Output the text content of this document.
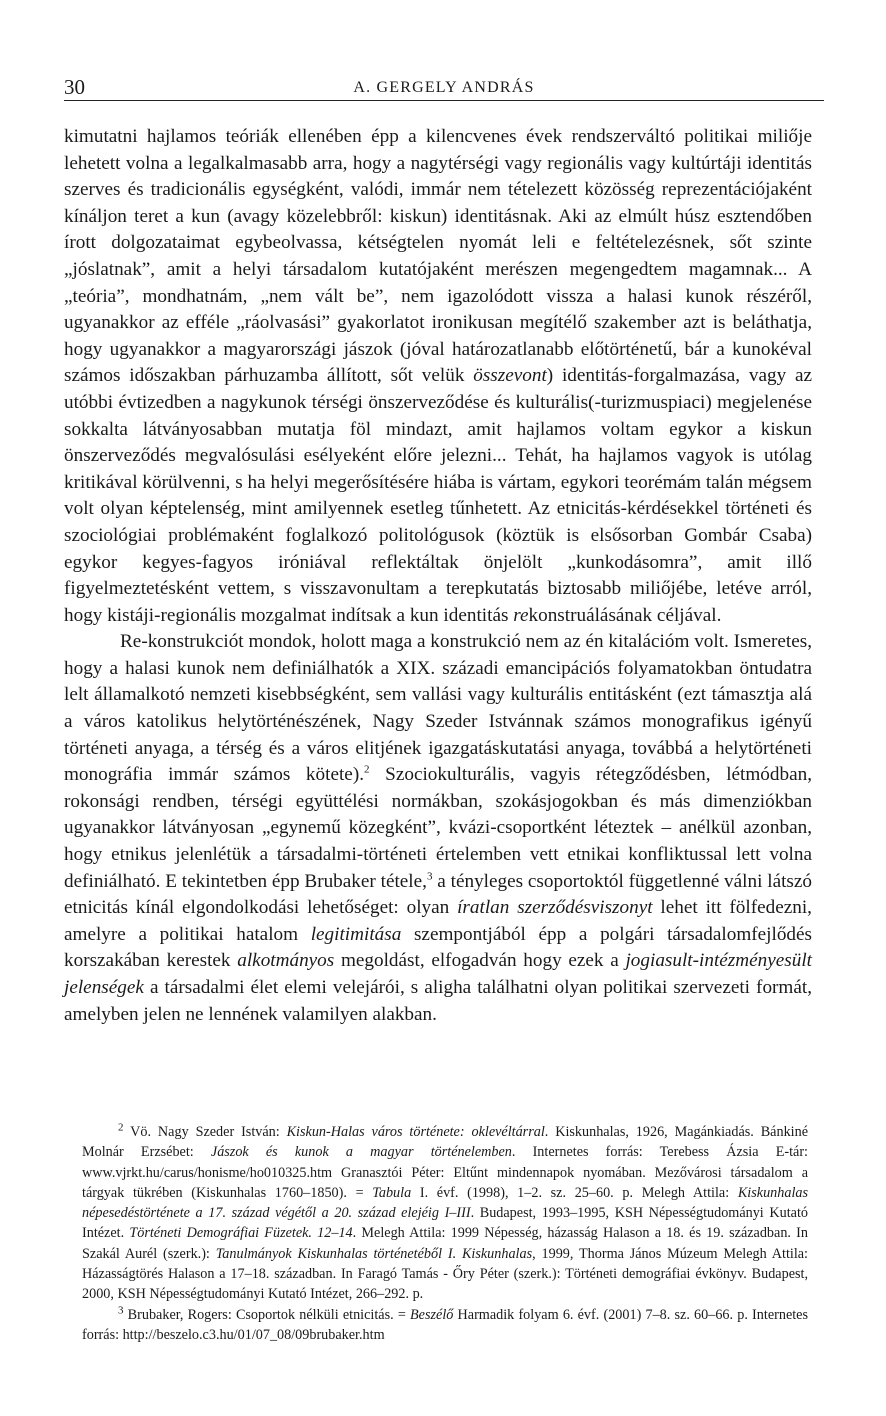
30	A. GERGELY ANDRÁS

kimutatni hajlamos teóriák ellenében épp a kilencvenes évek rendszerváltó politikai miliője lehetett volna a legalkalmasabb arra, hogy a nagytérségi vagy regionális vagy kultúrtáji identitás szerves és tradicionális egységként, valódi, immár nem tételezett közösség reprezentációjaként kínáljon teret a kun (avagy közelebbről: kiskun) identitásnak. Aki az elmúlt húsz esztendőben írott dolgozataimat egybeolvassa, kétségtelen nyomát leli e feltételezésnek, sőt szinte „jóslatnak”, amit a helyi társadalom kutatójaként merészen megengedtem magamnak... A „teória”, mondhatnám, „nem vált be”, nem igazolódott vissza a halasi kunok részéről, ugyanakkor az efféle „ráolvasási” gyakorlatot ironikusan megítélő szakember azt is beláthatja, hogy ugyanakkor a magyarországi jászok (jóval határozatlanabb előtörténetű, bár a kunokéval számos időszakban párhuzamba állított, sőt velük összevont) identitás-forgalmazása, vagy az utóbbi évtizedben a nagykunok térségi önszerveződése és kulturális(-turizmuspiaci) megjelenése sokkalta látványosabban mutatja föl mindazt, amit hajlamos voltam egykor a kiskun önszerveződés megvalósulási esélyeként előre jelezni... Tehát, ha hajlamos vagyok is utólag kritikával körülvenni, s ha helyi megerősítésére hiába is vártam, egykori teorémám talán mégsem volt olyan képtelenség, mint amilyennek esetleg tűnhetett. Az etnicitás-kérdésekkel történeti és szociológiai problémaként foglalkozó politológusok (köztük is elsősorban Gombár Csaba) egykor kegyes-fagyos iróniával reflektáltak önjelölt „kunkodásomra”, amit illő figyelmeztetésként vettem, s visszavonultam a terepkutatás biztosabb miliőjébe, letéve arról, hogy kistáji-regionális mozgalmat indítsak a kun identitás rekonstruálásának céljával.

Re-konstrukciót mondok, holott maga a konstrukció nem az én kitalációm volt. Ismeretes, hogy a halasi kunok nem definiálhatók a XIX. századi emancipációs folyamatokban öntudatra lelt államalkotó nemzeti kisebbségként, sem vallási vagy kulturális entitásként (ezt támasztja alá a város katolikus helytörténészének, Nagy Szeder Istvánnak számos monografikus igényű történeti anyaga, a térség és a város elitjének igazgatáskutatási anyaga, továbbá a helytörténeti monográfia immár számos kötete).$^2$ Szociokulturális, vagyis rétegződésben, létmódban, rokonsági rendben, térségi együttélési normákban, szokásjogokban és más dimenziókban ugyanakkor látványosan „egynemű közegként”, kvázi-csoportként léteztek – anélkül azonban, hogy etnikus jelenlétük a társadalmi-történeti értelemben vett etnikai konfliktussal lett volna definiálható. E tekintetben épp Brubaker tétele,$^3$ a tényleges csoportoktól függetlenné válni látszó etnicitás kínál elgondolkodási lehetőséget: olyan íratlan szerződésviszonyt lehet itt fölfedezni, amelyre a politikai hatalom legitimitása szempontjából épp a polgári társadalomfejlődés korszakában kerestek alkotmányos megoldást, elfogadván hogy ezek a jogiasult-intézményesült jelenségek a társadalmi élet elemi velejárói, s aligha találhatni olyan politikai szervezeti formát, amelyben jelen ne lennének valamilyen alakban.

$^2$ Vö. Nagy Szeder István: Kiskun-Halas város története: oklevéltárral. Kiskunhalas, 1926, Magánkiadás. Bánkiné Molnár Erzsébet: Jászok és kunok a magyar történelemben. Internetes forrás: Terebess Ázsia E-tár: www.vjrkt.hu/carus/honisme/ho010325.htm Granasztói Péter: Eltűnt mindennapok nyomában. Mezővárosi társadalom a tárgyak tükrében (Kiskunhalas 1760–1850). = Tabula I. évf. (1998), 1–2. sz. 25–60. p. Melegh Attila: Kiskunhalas népesedéstörténete a 17. század végétől a 20. század elejéig I–III. Budapest, 1993–1995, KSH Népességtudományi Kutató Intézet. Történeti Demográfiai Füzetek. 12–14. Melegh Attila: 1999 Népesség, házasság Halason a 18. és 19. században. In Szakál Aurél (szerk.): Tanulmányok Kiskunhalas történetéből I. Kiskunhalas, 1999, Thorma János Múzeum Melegh Attila: Házasságtörés Halason a 17–18. században. In Faragó Tamás - Őry Péter (szerk.): Történeti demográfiai évkönyv. Budapest, 2000, KSH Népességtudományi Kutató Intézet, 266–292. p.

$^3$ Brubaker, Rogers: Csoportok nélküli etnicitás. = Beszélő Harmadik folyam 6. évf. (2001) 7–8. sz. 60–66. p. Internetes forrás: http://beszelo.c3.hu/01/07_08/09brubaker.htm
